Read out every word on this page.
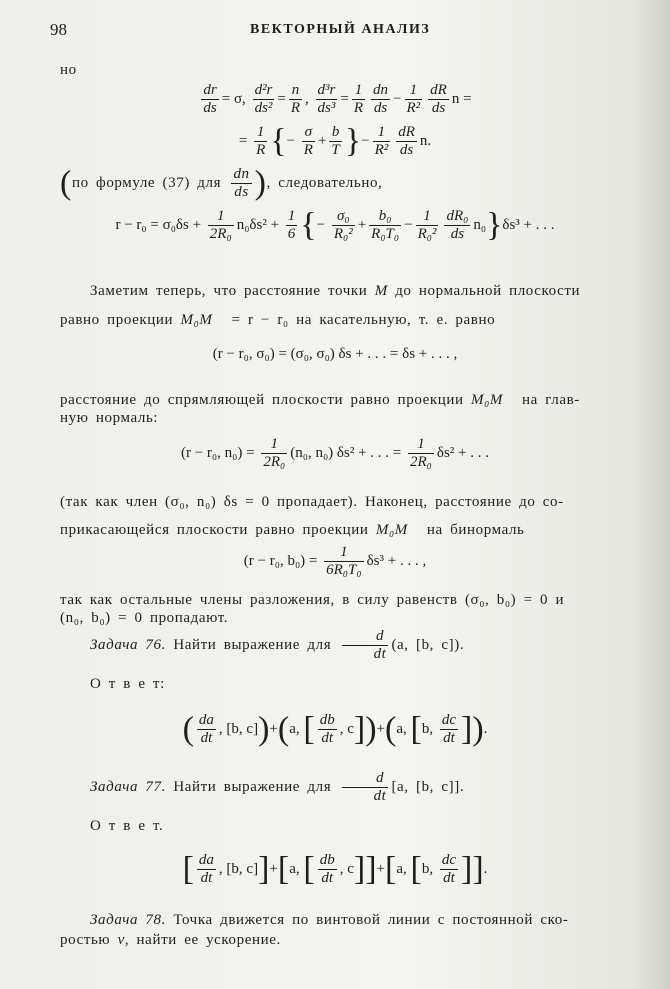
98	ВЕКТОРНЫЙ АНАЛИЗ
но
$\frac{dr}{ds} = \sigma$, $\frac{\text{d²r}}{\text{ds²}} = \frac{n}{R}$ , $\frac{\text{d³r}}{\text{ds³}} = \frac{1}{R} \frac{dn}{ds} - \frac{1}{\text{R²}} \frac{dR}{ds}$ n =
= $\frac{1}{R}$ {− $\frac{\sigma}{R} + \frac{b}{T}$ }− $\frac{1}{\text{R²}} \frac{dR}{ds} n$.
(по формуле (37) для $\frac{dn}{ds}$ ), следовательно,
$r - r_0 = \sigma_0\delta s + \frac{1}{\text{2R₀}} n_0\delta s^2 + \frac{1}{6}$ {− $\frac{\text{σ₀}}{\text{R₀²}} + \frac{\text{b₀}}{\text{R₀T₀}} - \frac{1}{\text{R₀²}} \frac{\text{dR₀}}{ds} n_0\}\delta s^3$ + . . .
Заметим теперь, что расстояние точки M до нормальной плоскости
равно проекции M₀M⃗ = r − r₀ на касательную, т. е. равно
(r − r₀, σ₀) = (σ₀, σ₀) δs + . . . = δs + . . . ,
расстояние до спрямляющей плоскости равно проекции M₀M⃗ на глав-
ную нормаль:
(r − r₀, $n_0) = \frac{1}{\text{2R₀}} (n_0$, n₀) δs² + . . . = $\frac{1}{\text{2R₀}} \delta s^2$ + . . .
(так как член (σ₀, n₀) δs = 0 пропадает). Наконец, расстояние до со-
прикасающейся плоскости равно проекции M₀M⃗ на бинормаль
(r − r₀, $b_0) = \frac{1}{\text{6R₀T₀}} \delta s^3$ + . . . ,
так как остальные члены разложения, в силу равенств (σ₀, b₀) = 0 и
(n₀, b₀) = 0 пропадают.
Задача 76. Найти выражение для $\frac{d}{dt} (a$, [b, c]).
О т в е т:
( $\frac{da}{dt}$ , [b, c])+(a, [ $\frac{db}{dt}$ , c])+(a, [b, $\frac{dc}{dt}$ ]).
Задача 77. Найти выражение для $\frac{d}{dt} [a$, [b, c]].
О т в е т.
[ $\frac{da}{dt}$ , [b, c]]+[a, [ $\frac{db}{dt}$ , c]]+[a, [b, $\frac{dc}{dt}$ ]].
Задача 78. Точка движется по винтовой линии с постоянной ско-
ростью v, найти ее ускорение.
